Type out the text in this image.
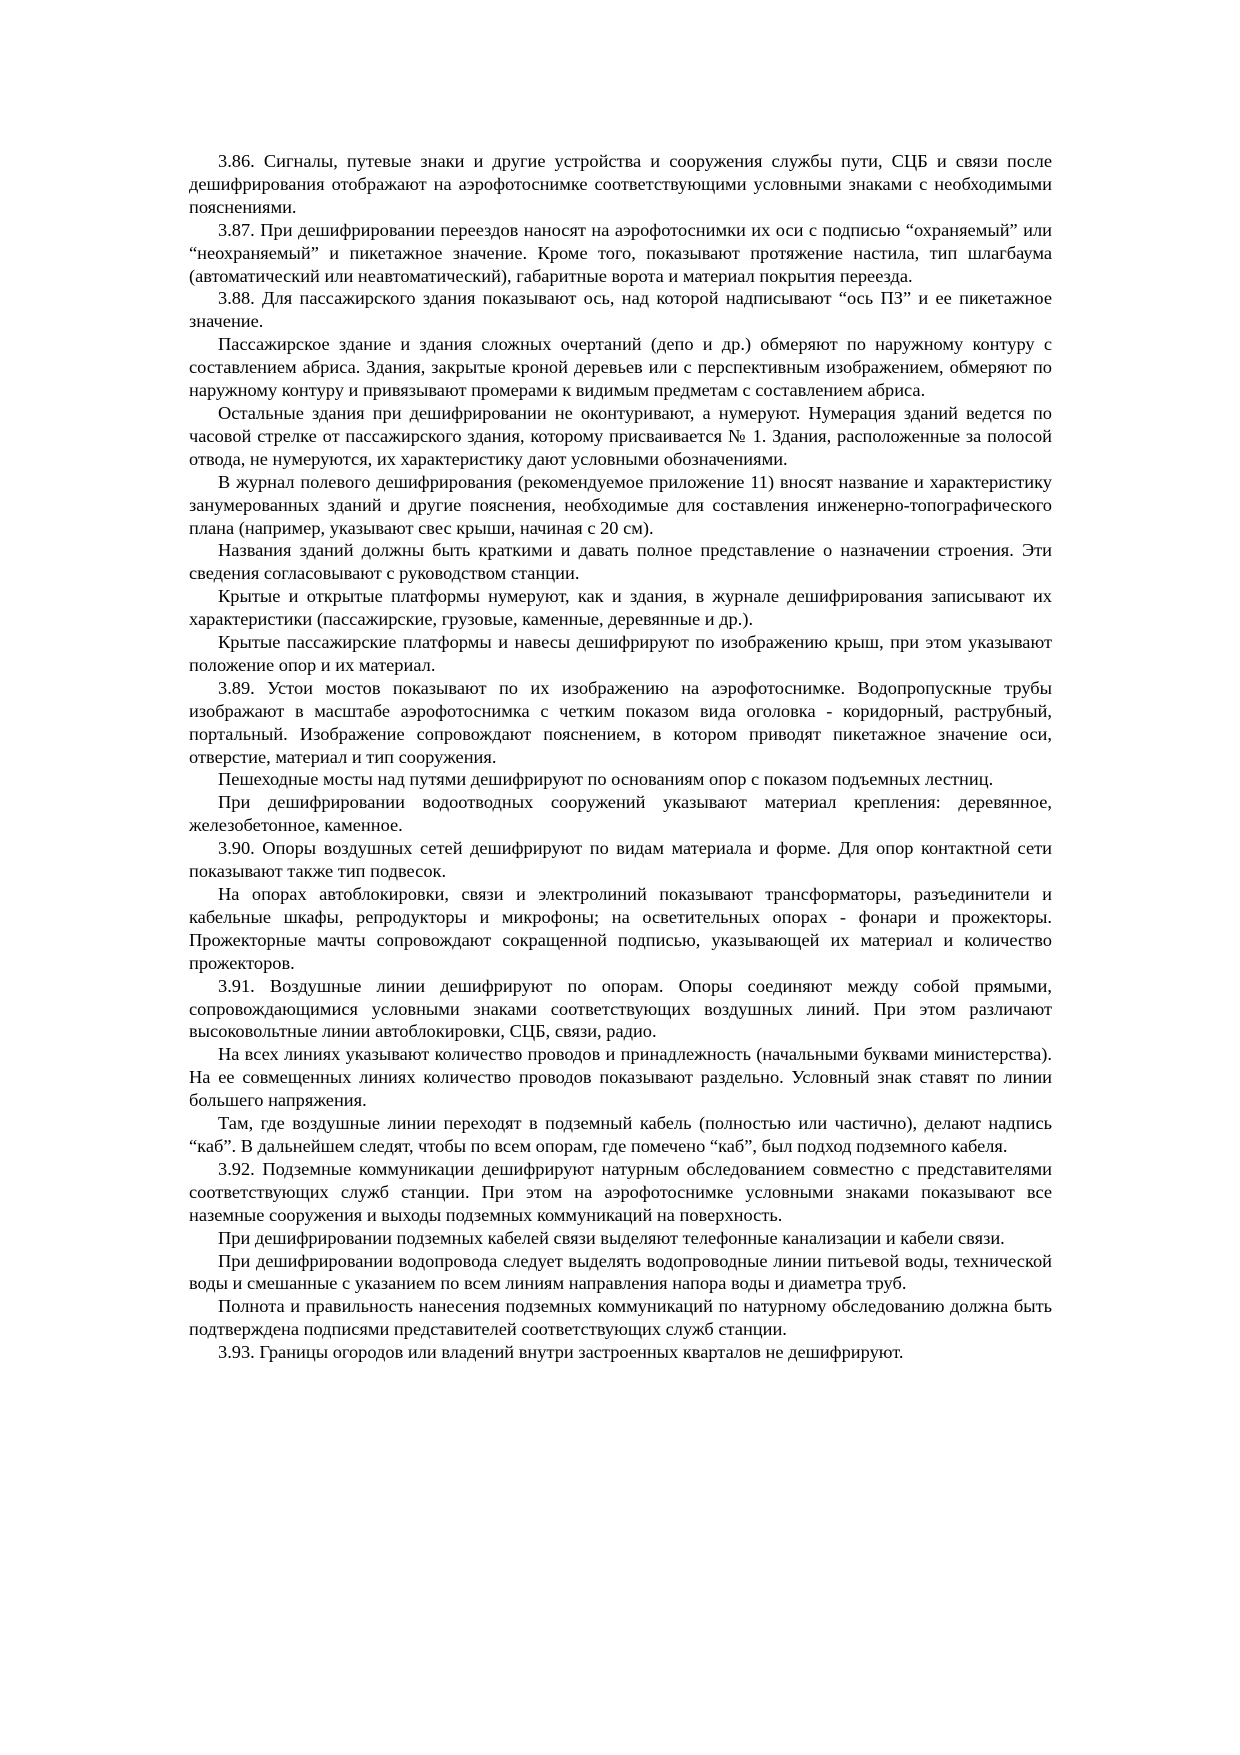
3.86. Сигналы, путевые знаки и другие устройства и сооружения службы пути, СЦБ и связи после дешифрирования отображают на аэрофотоснимке соответствующими условными знаками с необходимыми пояснениями.

3.87. При дешифрировании переездов наносят на аэрофотоснимки их оси с подписью “охраняемый” или “неохраняемый” и пикетажное значение. Кроме того, показывают протяжение настила, тип шлагбаума (автоматический или неавтоматический), габаритные ворота и материал покрытия переезда.

3.88. Для пассажирского здания показывают ось, над которой надписывают “ось ПЗ” и ее пикетажное значение.

Пассажирское здание и здания сложных очертаний (депо и др.) обмеряют по наружному контуру с составлением абриса. Здания, закрытые кроной деревьев или с перспективным изображением, обмеряют по наружному контуру и привязывают промерами к видимым предметам с составлением абриса.

Остальные здания при дешифрировании не оконтуривают, а нумеруют. Нумерация зданий ведется по часовой стрелке от пассажирского здания, которому присваивается № 1. Здания, расположенные за полосой отвода, не нумеруются, их характеристику дают условными обозначениями.

В журнал полевого дешифрирования (рекомендуемое приложение 11) вносят название и характеристику занумерованных зданий и другие пояснения, необходимые для составления инженерно-топографического плана (например, указывают свес крыши, начиная с 20 см).

Названия зданий должны быть краткими и давать полное представление о назначении строения. Эти сведения согласовывают с руководством станции.

Крытые и открытые платформы нумеруют, как и здания, в журнале дешифрирования записывают их характеристики (пассажирские, грузовые, каменные, деревянные и др.).

Крытые пассажирские платформы и навесы дешифрируют по изображению крыш, при этом указывают положение опор и их материал.

3.89. Устои мостов показывают по их изображению на аэрофотоснимке. Водопропускные трубы изображают в масштабе аэрофотоснимка с четким показом вида оголовка - коридорный, раструбный, портальный. Изображение сопровождают пояснением, в котором приводят пикетажное значение оси, отверстие, материал и тип сооружения.

Пешеходные мосты над путями дешифрируют по основаниям опор с показом подъемных лестниц.

При дешифрировании водоотводных сооружений указывают материал крепления: деревянное, железобетонное, каменное.

3.90. Опоры воздушных сетей дешифрируют по видам материала и форме. Для опор контактной сети показывают также тип подвесок.

На опорах автоблокировки, связи и электролиний показывают трансформаторы, разъединители и кабельные шкафы, репродукторы и микрофоны; на осветительных опорах - фонари и прожекторы. Прожекторные мачты сопровождают сокращенной подписью, указывающей их материал и количество прожекторов.

3.91. Воздушные линии дешифрируют по опорам. Опоры соединяют между собой прямыми, сопровождающимися условными знаками соответствующих воздушных линий. При этом различают высоковольтные линии автоблокировки, СЦБ, связи, радио.

На всех линиях указывают количество проводов и принадлежность (начальными буквами министерства). На ее совмещенных линиях количество проводов показывают раздельно. Условный знак ставят по линии большего напряжения.

Там, где воздушные линии переходят в подземный кабель (полностью или частично), делают надпись “каб”. В дальнейшем следят, чтобы по всем опорам, где помечено “каб”, был подход подземного кабеля.

3.92. Подземные коммуникации дешифрируют натурным обследованием совместно с представителями соответствующих служб станции. При этом на аэрофотоснимке условными знаками показывают все наземные сооружения и выходы подземных коммуникаций на поверхность.

При дешифрировании подземных кабелей связи выделяют телефонные канализации и кабели связи.

При дешифрировании водопровода следует выделять водопроводные линии питьевой воды, технической воды и смешанные с указанием по всем линиям направления напора воды и диаметра труб.

Полнота и правильность нанесения подземных коммуникаций по натурному обследованию должна быть подтверждена подписями представителей соответствующих служб станции.

3.93. Границы огородов или владений внутри застроенных кварталов не дешифрируют.
